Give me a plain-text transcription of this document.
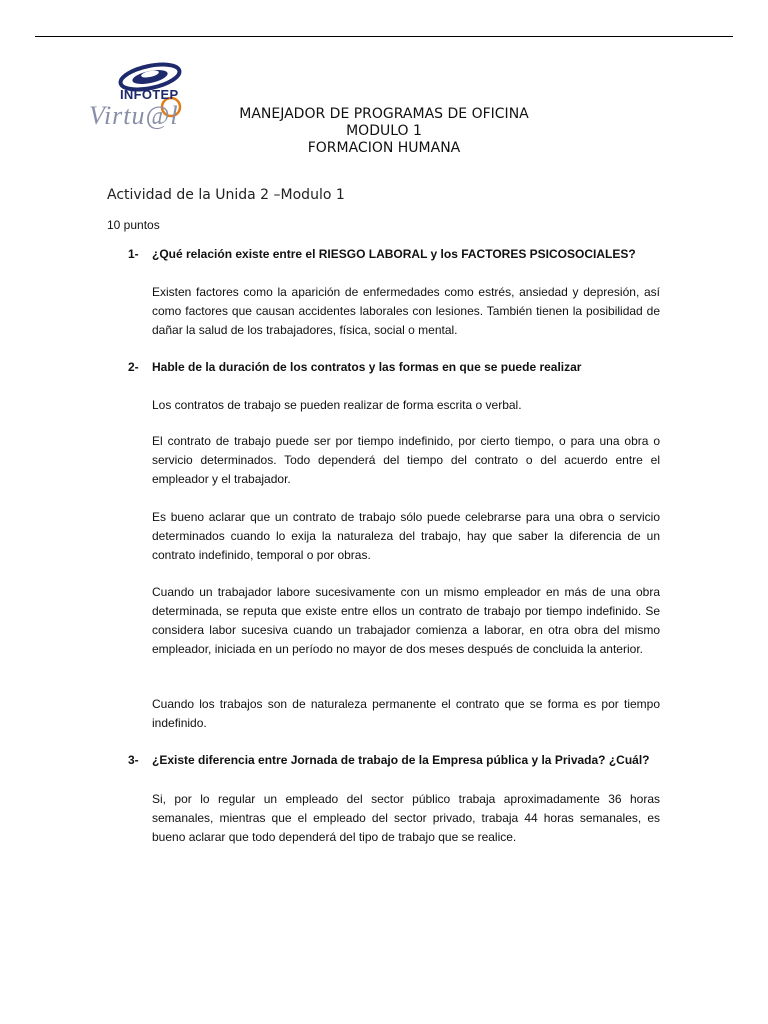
INFOTEP
Virtu@l	MANEJADOR DE PROGRAMAS DE OFICINA
MODULO 1
FORMACION HUMANA
Actividad de la Unida 2 –Modulo 1
10 puntos
1- ¿Qué relación existe entre el RIESGO LABORAL y los FACTORES PSICOSOCIALES?
Existen factores como la aparición de enfermedades como estrés, ansiedad y depresión, así como factores que causan accidentes laborales con lesiones. También tienen la posibilidad de dañar la salud de los trabajadores, física, social o mental.
2- Hable de la duración de los contratos y las formas en que se puede realizar
Los contratos de trabajo se pueden realizar de forma escrita o verbal.
El contrato de trabajo puede ser por tiempo indefinido, por cierto tiempo, o para una obra o servicio determinados. Todo dependerá del tiempo del contrato o del acuerdo entre el empleador y el trabajador.
Es bueno aclarar que un contrato de trabajo sólo puede celebrarse para una obra o servicio determinados cuando lo exija la naturaleza del trabajo, hay que saber la diferencia de un contrato indefinido, temporal o por obras.
Cuando un trabajador labore sucesivamente con un mismo empleador en más de una obra determinada, se reputa que existe entre ellos un contrato de trabajo por tiempo indefinido. Se considera labor sucesiva cuando un trabajador comienza a laborar, en otra obra del mismo empleador, iniciada en un período no mayor de dos meses después de concluida la anterior.
Cuando los trabajos son de naturaleza permanente el contrato que se forma es por tiempo indefinido.
3- ¿Existe diferencia entre Jornada de trabajo de la Empresa pública y la Privada? ¿Cuál?
Si, por lo regular un empleado del sector público trabaja aproximadamente 36 horas semanales, mientras que el empleado del sector privado, trabaja 44 horas semanales, es bueno aclarar que todo dependerá del tipo de trabajo que se realice.
